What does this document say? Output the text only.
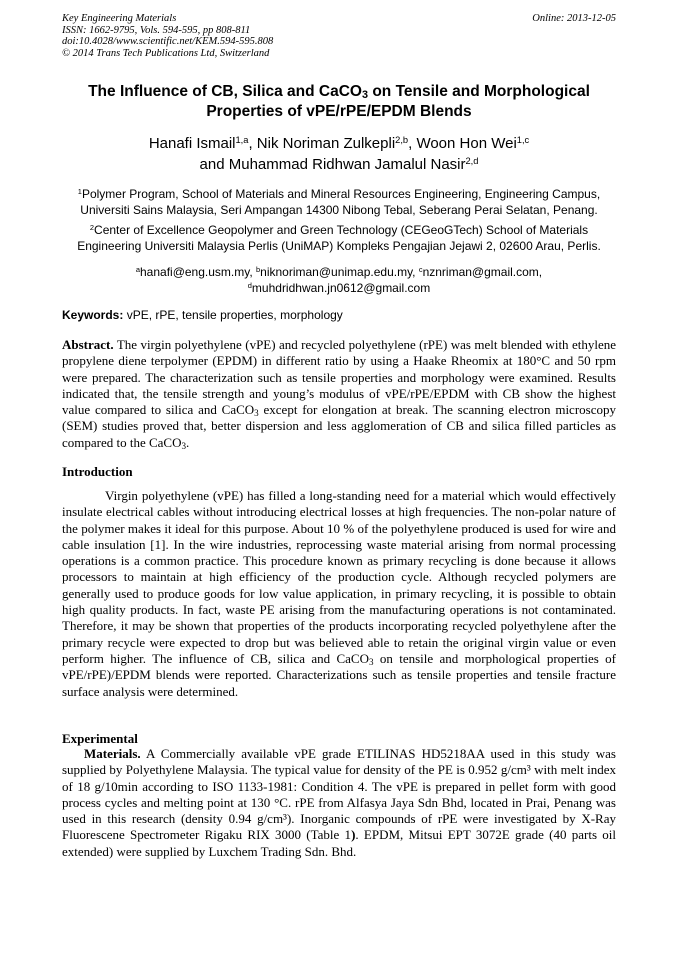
Key Engineering Materials
ISSN: 1662-9795, Vols. 594-595, pp 808-811
doi:10.4028/www.scientific.net/KEM.594-595.808
© 2014 Trans Tech Publications Ltd, Switzerland
Online: 2013-12-05
The Influence of CB, Silica and CaCO$_3$ on Tensile and Morphological
Properties of vPE/rPE/EPDM Blends
Hanafi Ismail$^{1,a}$, Nik Noriman Zulkepli$^{2,b}$, Woon Hon Wei$^{1,c}$
and Muhammad Ridhwan Jamalul Nasir$^{2,d}$
$^1$Polymer Program, School of Materials and Mineral Resources Engineering, Engineering Campus,
Universiti Sains Malaysia, Seri Ampangan 14300 Nibong Tebal, Seberang Perai Selatan, Penang.
$^2$Center of Excellence Geopolymer and Green Technology (CEGeoGTech) School of Materials
Engineering Universiti Malaysia Perlis (UniMAP) Kompleks Pengajian Jejawi 2, 02600 Arau, Perlis.
$^a$hanafi@eng.usm.my, $^b$niknoriman@unimap.edu.my, $^c$nznriman@gmail.com,
$^d$muhdridhwan.jn0612@gmail.com
Keywords: vPE, rPE, tensile properties, morphology
Abstract. The virgin polyethylene (vPE) and recycled polyethylene (rPE) was melt blended with ethylene propylene diene terpolymer (EPDM) in different ratio by using a Haake Rheomix at 180°C and 50 rpm were prepared. The characterization such as tensile properties and morphology were examined. Results indicated that, the tensile strength and young’s modulus of vPE/rPE/EPDM with CB show the highest value compared to silica and CaCO$_3$ except for elongation at break. The scanning electron microscopy (SEM) studies proved that, better dispersion and less agglomeration of CB and silica filled particles as compared to the CaCO$_3$.
Introduction
Virgin polyethylene (vPE) has filled a long-standing need for a material which would effectively insulate electrical cables without introducing electrical losses at high frequencies. The non-polar nature of the polymer makes it ideal for this purpose. About 10 % of the polyethylene produced is used for wire and cable insulation [1]. In the wire industries, reprocessing waste material arising from normal processing operations is a common practice. This procedure known as primary recycling is done because it allows processors to maintain at high efficiency of the production cycle. Although recycled polymers are generally used to produce goods for low value application, in primary recycling, it is possible to obtain high quality products. In fact, waste PE arising from the manufacturing operations is not contaminated. Therefore, it may be shown that properties of the products incorporating recycled polyethylene after the primary recycle were expected to drop but was believed able to retain the original virgin value or even perform higher. The influence of CB, silica and CaCO$_3$ on tensile and morphological properties of vPE/rPE)/EPDM blends were reported. Characterizations such as tensile properties and tensile fracture surface analysis were determined.
Experimental
Materials. A Commercially available vPE grade ETILINAS HD5218AA used in this study was supplied by Polyethylene Malaysia. The typical value for density of the PE is 0.952 g/cm³ with melt index of 18 g/10min according to ISO 1133-1981: Condition 4. The vPE is prepared in pellet form with good process cycles and melting point at 130 °C. rPE from Alfasya Jaya Sdn Bhd, located in Prai, Penang was used in this research (density 0.94 g/cm³). Inorganic compounds of rPE were investigated by X-Ray Fluorescene Spectrometer Rigaku RIX 3000 (Table 1). EPDM, Mitsui EPT 3072E grade (40 parts oil extended) were supplied by Luxchem Trading Sdn. Bhd.
